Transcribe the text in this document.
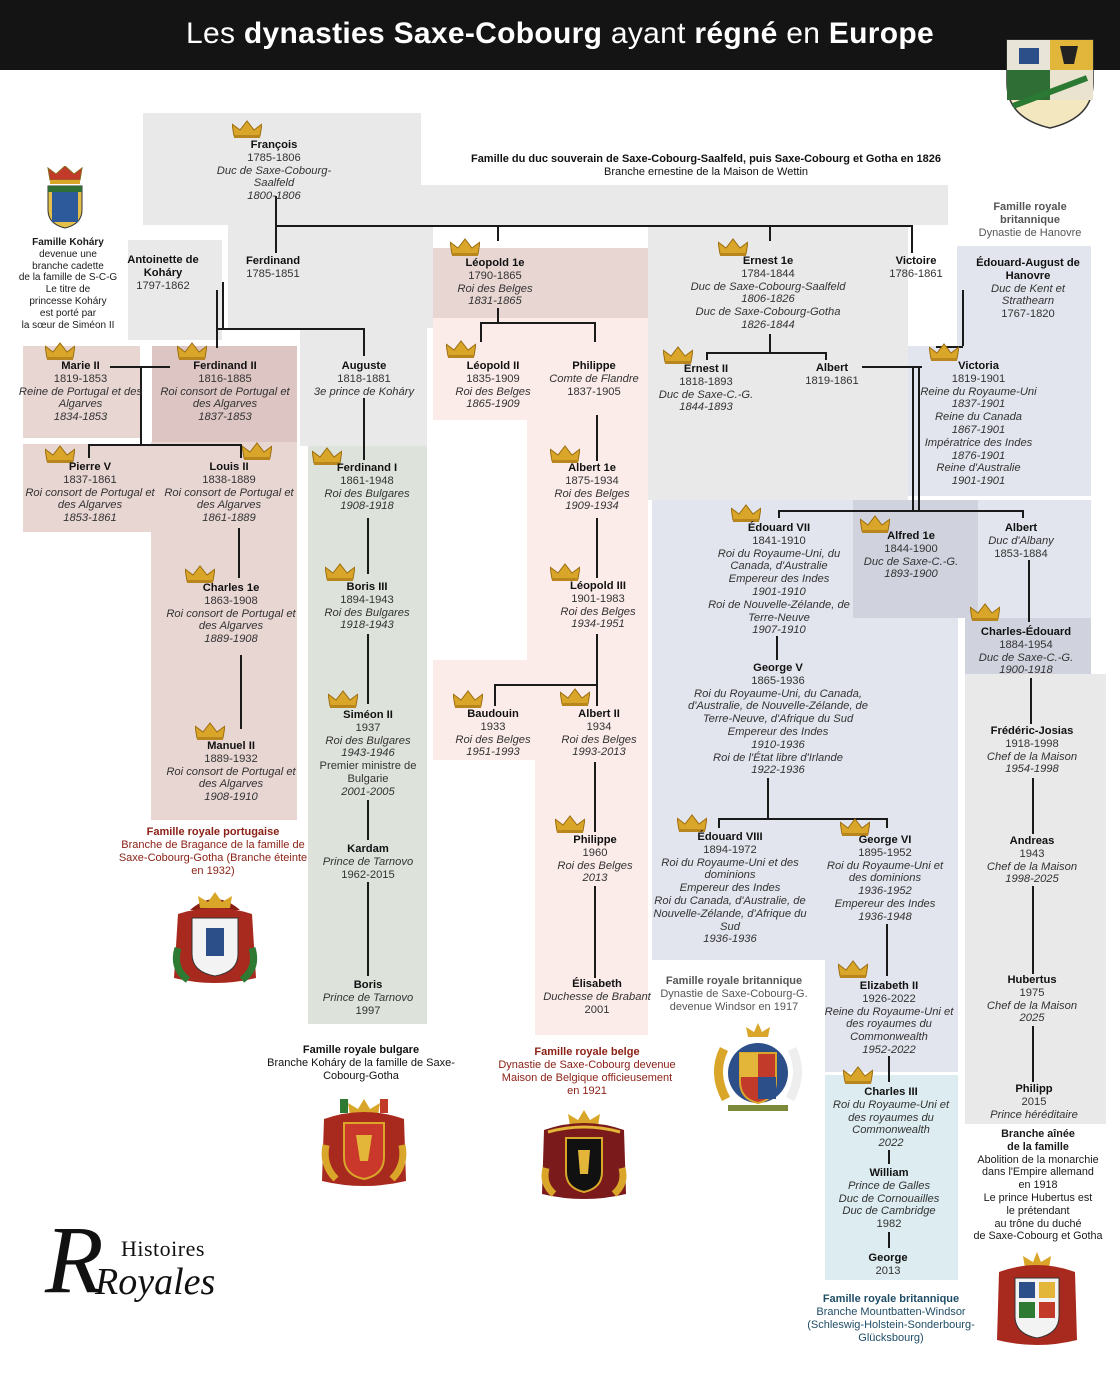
Les dynasties Saxe-Cobourg ayant régné en Europe
Famille du duc souverain de Saxe-Cobourg-Saalfeld, puis Saxe-Cobourg et Gotha en 1826
Branche ernestine de la Maison de Wettin
Famille Koháry
devenue une
branche cadette
de la famille de S-C-G
Le titre de
princesse Koháry
est porté par
la sœur de Siméon II
Famille royale
britannique
Dynastie de Hanovre
François
1785-1806
Duc de Saxe-Cobourg-Saalfeld
1800-1806
Antoinette de Koháry
1797-1862
Ferdinand
1785-1851
Léopold 1e
1790-1865
Roi des Belges
1831-1865
Ernest 1e
1784-1844
Duc de Saxe-Cobourg-Saalfeld
1806-1826
Duc de Saxe-Cobourg-Gotha
1826-1844
Victoire
1786-1861
Édouard-August de Hanovre
Duc de Kent et Strathearn
1767-1820
Marie II
1819-1853
Reine de Portugal et des Algarves
1834-1853
Ferdinand II
1816-1885
Roi consort de Portugal et des Algarves
1837-1853
Auguste
1818-1881
3e prince de Koháry
Léopold II
1835-1909
Roi des Belges
1865-1909
Philippe
Comte de Flandre
1837-1905
Ernest II
1818-1893
Duc de Saxe-C.-G.
1844-1893
Albert
1819-1861
Victoria
1819-1901
Reine du Royaume-Uni
1837-1901
Reine du Canada
1867-1901
Impératrice des Indes
1876-1901
Reine d'Australie
1901-1901
Pierre V
1837-1861
Roi consort de Portugal et des Algarves
1853-1861
Louis II
1838-1889
Roi consort de Portugal et des Algarves
1861-1889
Ferdinand I
1861-1948
Roi des Bulgares
1908-1918
Albert 1e
1875-1934
Roi des Belges
1909-1934
Édouard VII
1841-1910
Roi du Royaume-Uni, du Canada, d'Australie
Empereur des Indes
1901-1910
Roi de Nouvelle-Zélande, de Terre-Neuve
1907-1910
Alfred 1e
1844-1900
Duc de Saxe-C.-G.
1893-1900
Albert
Duc d'Albany
1853-1884
Charles 1e
1863-1908
Roi consort de Portugal et des Algarves
1889-1908
Boris III
1894-1943
Roi des Bulgares
1918-1943
Léopold III
1901-1983
Roi des Belges
1934-1951
Charles-Édouard
1884-1954
Duc de Saxe-C.-G.
1900-1918
George V
1865-1936
Roi du Royaume-Uni, du Canada, d'Australie, de Nouvelle-Zélande, de Terre-Neuve, d'Afrique du Sud
Empereur des Indes
1910-1936
Roi de l'État libre d'Irlande
1922-1936
Baudouin
1933
Roi des Belges
1951-1993
Albert II
1934
Roi des Belges
1993-2013
Siméon II
1937
Roi des Bulgares
1943-1946
Premier ministre de Bulgarie
2001-2005
Manuel II
1889-1932
Roi consort de Portugal et des Algarves
1908-1910
Frédéric-Josias
1918-1998
Chef de la Maison
1954-1998
Édouard VIII
1894-1972
Roi du Royaume-Uni et des dominions
Empereur des Indes
Roi du Canada, d'Australie, de Nouvelle-Zélande, d'Afrique du Sud
1936-1936
George VI
1895-1952
Roi du Royaume-Uni et des dominions
1936-1952
Empereur des Indes
1936-1948
Kardam
Prince de Tarnovo
1962-2015
Philippe
1960
Roi des Belges
2013
Andreas
1943
Chef de la Maison
1998-2025
Boris
Prince de Tarnovo
1997
Élisabeth
Duchesse de Brabant
2001
Hubertus
1975
Chef de la Maison
2025
Elizabeth II
1926-2022
Reine du Royaume-Uni et des royaumes du Commonwealth
1952-2022
Charles III
Roi du Royaume-Uni et des royaumes du Commonwealth
2022
Philipp
2015
Prince héréditaire
William
Prince de Galles
Duc de Cornouailles
Duc de Cambridge
1982
George
2013
Famille royale portugaise
Branche de Bragance de la famille de Saxe-Cobourg-Gotha (Branche éteinte en 1932)
Famille royale bulgare
Branche Koháry de la famille de Saxe-Cobourg-Gotha
Famille royale belge
Dynastie de Saxe-Cobourg devenue Maison de Belgique officieusement en 1921
Famille royale britannique
Dynastie de Saxe-Cobourg-G. devenue Windsor en 1917
Famille royale britannique
Branche Mountbatten-Windsor (Schleswig-Holstein-Sonderbourg-Glücksbourg)
Branche aînée
de la famille
Abolition de la monarchie
dans l'Empire allemand
en 1918
Le prince Hubertus est
le prétendant
au trône du duché
de Saxe-Cobourg et Gotha
R Histoires
Royales
